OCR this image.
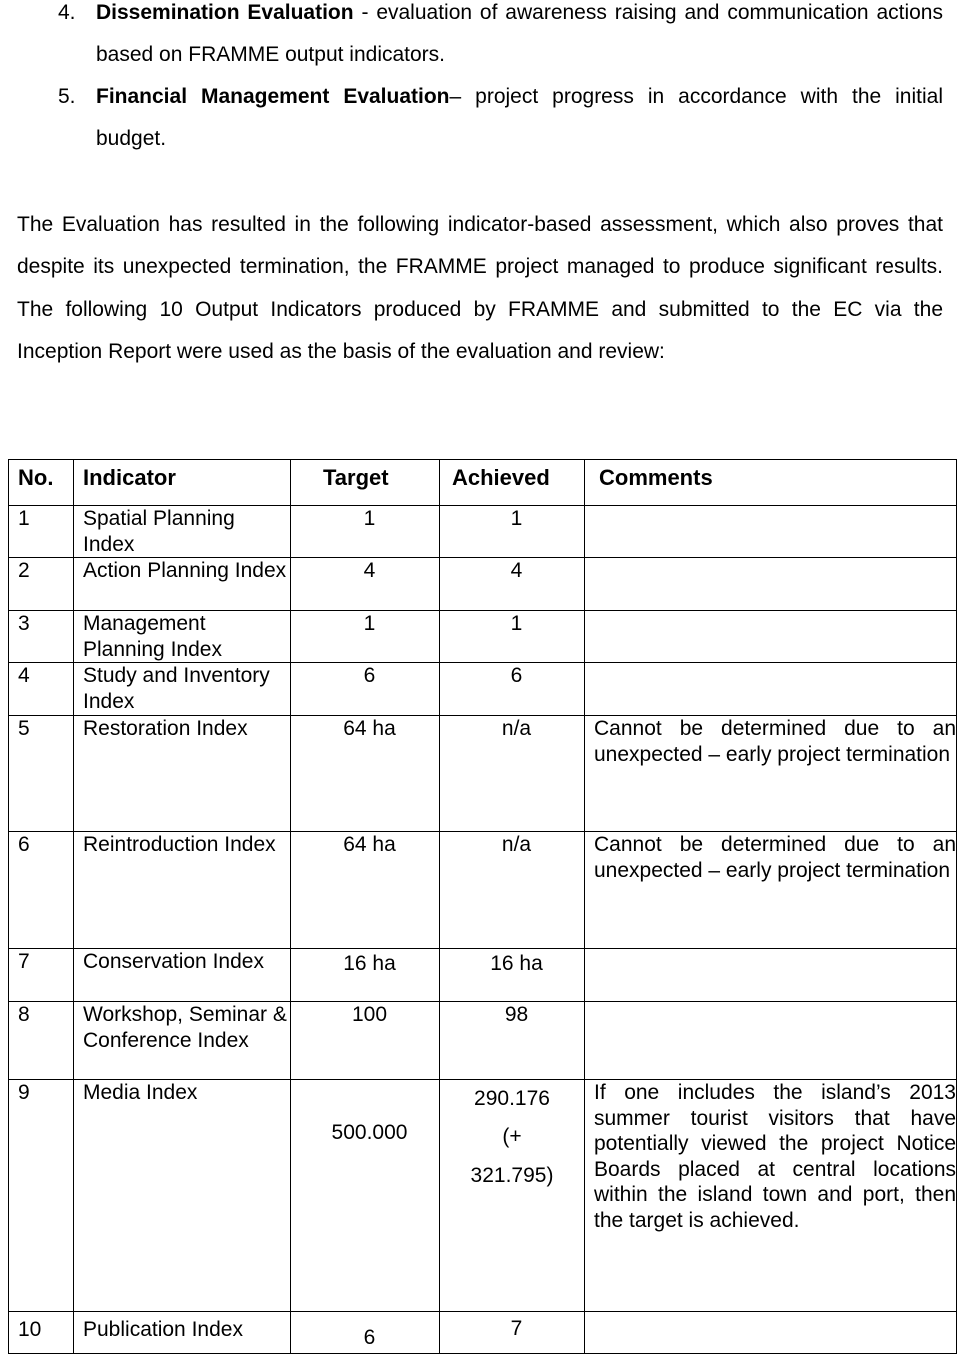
4. Dissemination Evaluation - evaluation of awareness raising and communication actions based on FRAMME output indicators.
5. Financial Management Evaluation– project progress in accordance with the initial budget.
The Evaluation has resulted in the following indicator-based assessment, which also proves that despite its unexpected termination, the FRAMME project managed to produce significant results. The following 10 Output Indicators produced by FRAMME and submitted to the EC via the Inception Report were used as the basis of the evaluation and review:
No.	Indicator	Target	Achieved	Comments
1	Spatial Planning Index	1	1	
2	Action Planning Index	4	4	
3	Management Planning Index	1	1	
4	Study and Inventory Index	6	6	
5	Restoration Index	64 ha	n/a	Cannot be determined due to an unexpected – early project termination
6	Reintroduction Index	64 ha	n/a	Cannot be determined due to an unexpected – early project termination
7	Conservation Index	16 ha	16 ha	
8	Workshop, Seminar & Conference Index	100	98	
9	Media Index	500.000	290.176 (+ 321.795)	If one includes the island’s 2013 summer tourist visitors that have potentially viewed the project Notice Boards placed at central locations within the island town and port, then the target is achieved.
10	Publication Index	6	7	
